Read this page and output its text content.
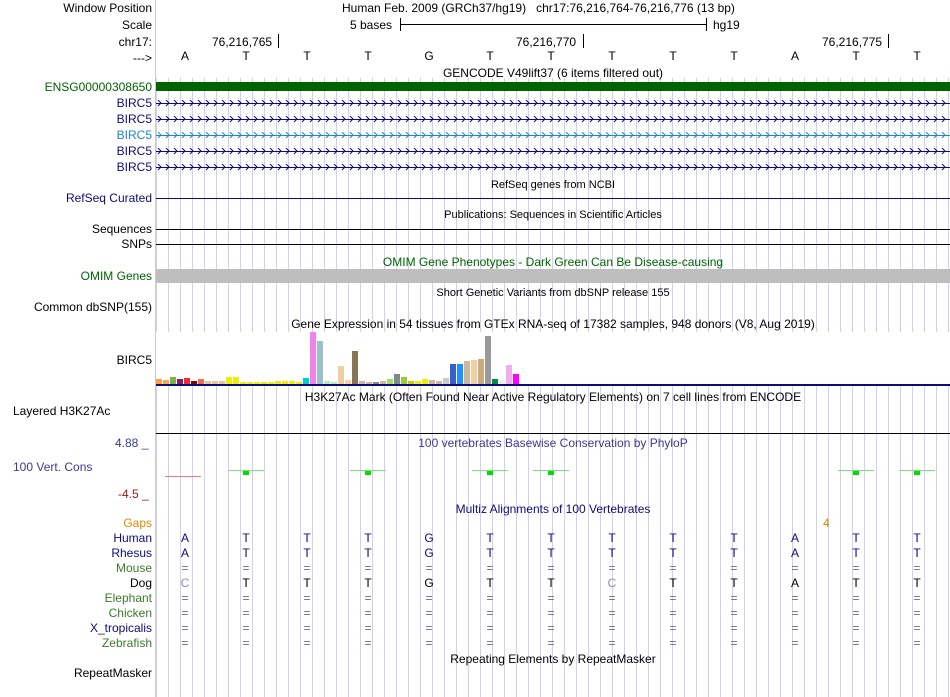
Window Position	Human Feb. 2009 (GRCh37/hg19)   chr17:76,216,764-76,216,776 (13 bp)
Scale	5 bases	hg19
chr17:	76,216,765	76,216,770	76,216,775
---> A	T	T	T	G	T	T	T	T	T	A	T	T
GENCODE V49lift37 (6 items filtered out)
ENSG00000308650
BIRC5
BIRC5
BIRC5
BIRC5
BIRC5
RefSeq genes from NCBI
RefSeq Curated
Publications: Sequences in Scientific Articles
Sequences
SNPs
OMIM Gene Phenotypes - Dark Green Can Be Disease-causing
OMIM Genes
Short Genetic Variants from dbSNP release 155
Common dbSNP(155)
Gene Expression in 54 tissues from GTEx RNA-seq of 17382 samples, 948 donors (V8, Aug 2019)
BIRC5
H3K27Ac Mark (Often Found Near Active Regulatory Elements) on 7 cell lines from ENCODE
Layered H3K27Ac
100 vertebrates Basewise Conservation by PhyloP
4.88 _
100 Vert. Cons
-4.5 _
Multiz Alignments of 100 Vertebrates
Gaps	4
Human A	T	T	T	G	T	T	T	T	T	A	T	T
Rhesus A	T	T	T	G	T	T	T	T	T	A	T	T
Mouse =	=	=	=	=	=	=	=	=	=	=	=	=
Dog C	T	T	T	G	T	T	C	T	T	A	T	T
Elephant =	=	=	=	=	=	=	=	=	=	=	=	=
Chicken =	=	=	=	=	=	=	=	=	=	=	=	=
X_tropicalis =	=	=	=	=	=	=	=	=	=	=	=	=
Zebrafish =	=	=	=	=	=	=	=	=	=	=	=	=
Repeating Elements by RepeatMasker
RepeatMasker
